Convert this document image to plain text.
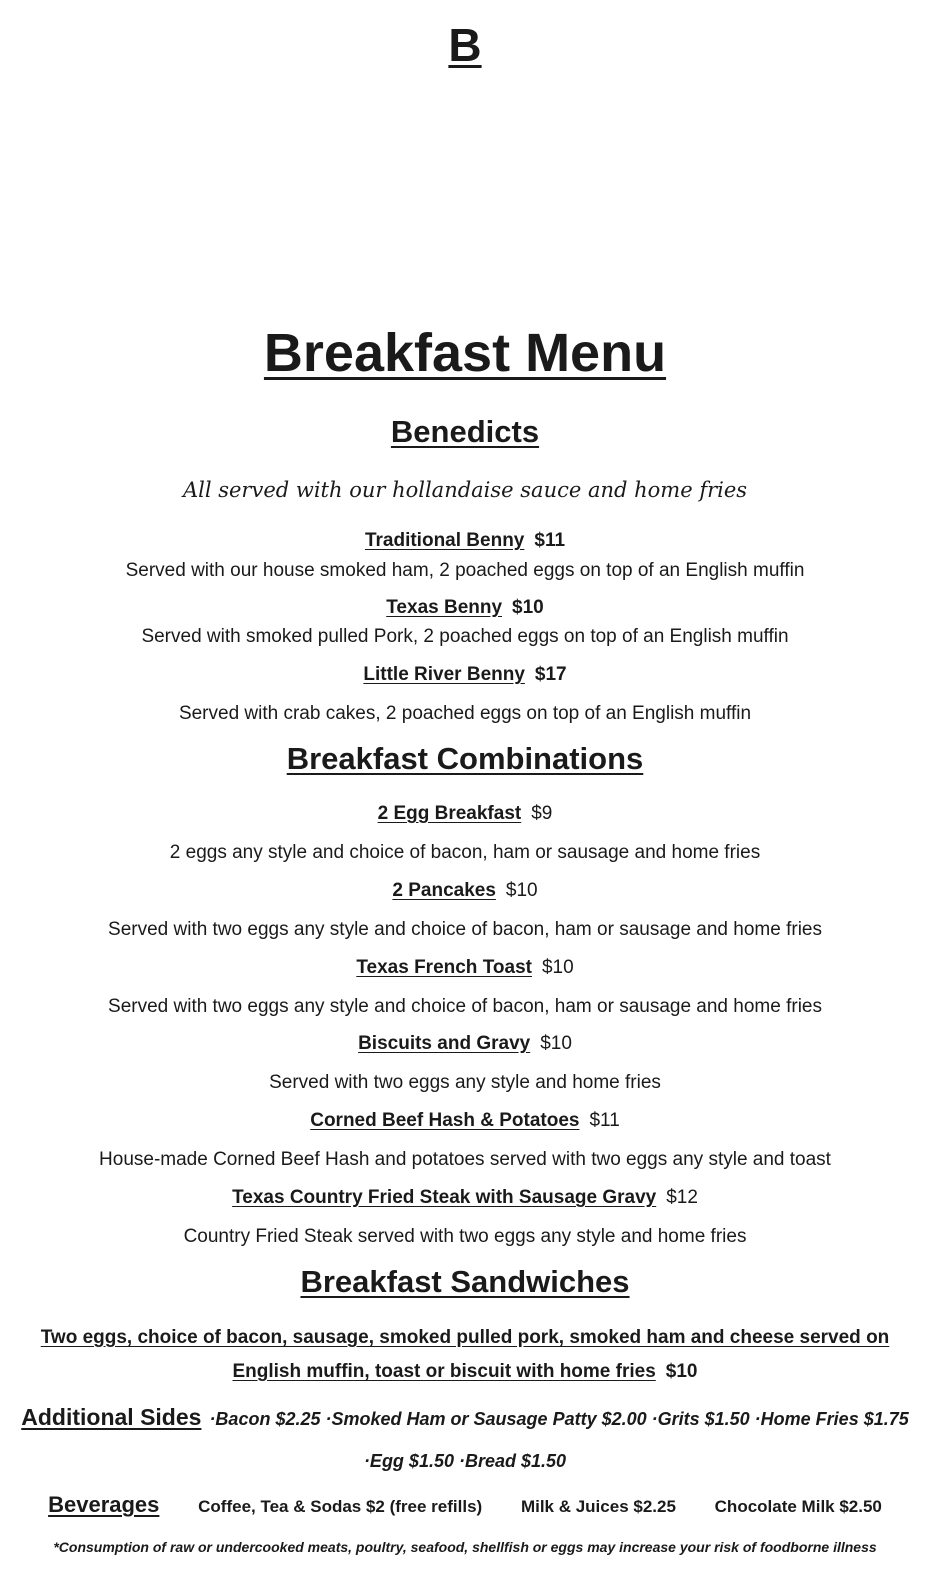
B
Breakfast Menu
Benedicts
All served with our hollandaise sauce and home fries
Traditional Benny $11
Served with our house smoked ham, 2 poached eggs on top of an English muffin
Texas Benny $10
Served with smoked pulled Pork, 2 poached eggs on top of an English muffin
Little River Benny $17
Served with crab cakes, 2 poached eggs on top of an English muffin
Breakfast Combinations
2 Egg Breakfast $9
2 eggs any style and choice of bacon, ham or sausage and home fries
2 Pancakes $10
Served with two eggs any style and choice of bacon, ham or sausage and home fries
Texas French Toast $10
Served with two eggs any style and choice of bacon, ham or sausage and home fries
Biscuits and Gravy $10
Served with two eggs any style and home fries
Corned Beef Hash & Potatoes $11
House-made Corned Beef Hash and potatoes served with two eggs any style and toast
Texas Country Fried Steak with Sausage Gravy $12
Country Fried Steak served with two eggs any style and home fries
Breakfast Sandwiches
Two eggs, choice of bacon, sausage, smoked pulled pork, smoked ham and cheese served on
English muffin, toast or biscuit with home fries $10
Additional Sides ·Bacon $2.25 ·Smoked Ham or Sausage Patty $2.00 ·Grits $1.50 ·Home Fries $1.75
·Egg $1.50 ·Bread $1.50
Beverages Coffee, Tea & Sodas $2 (free refills) Milk & Juices $2.25 Chocolate Milk $2.50
*Consumption of raw or undercooked meats, poultry, seafood, shellfish or eggs may increase your risk of foodborne illness
